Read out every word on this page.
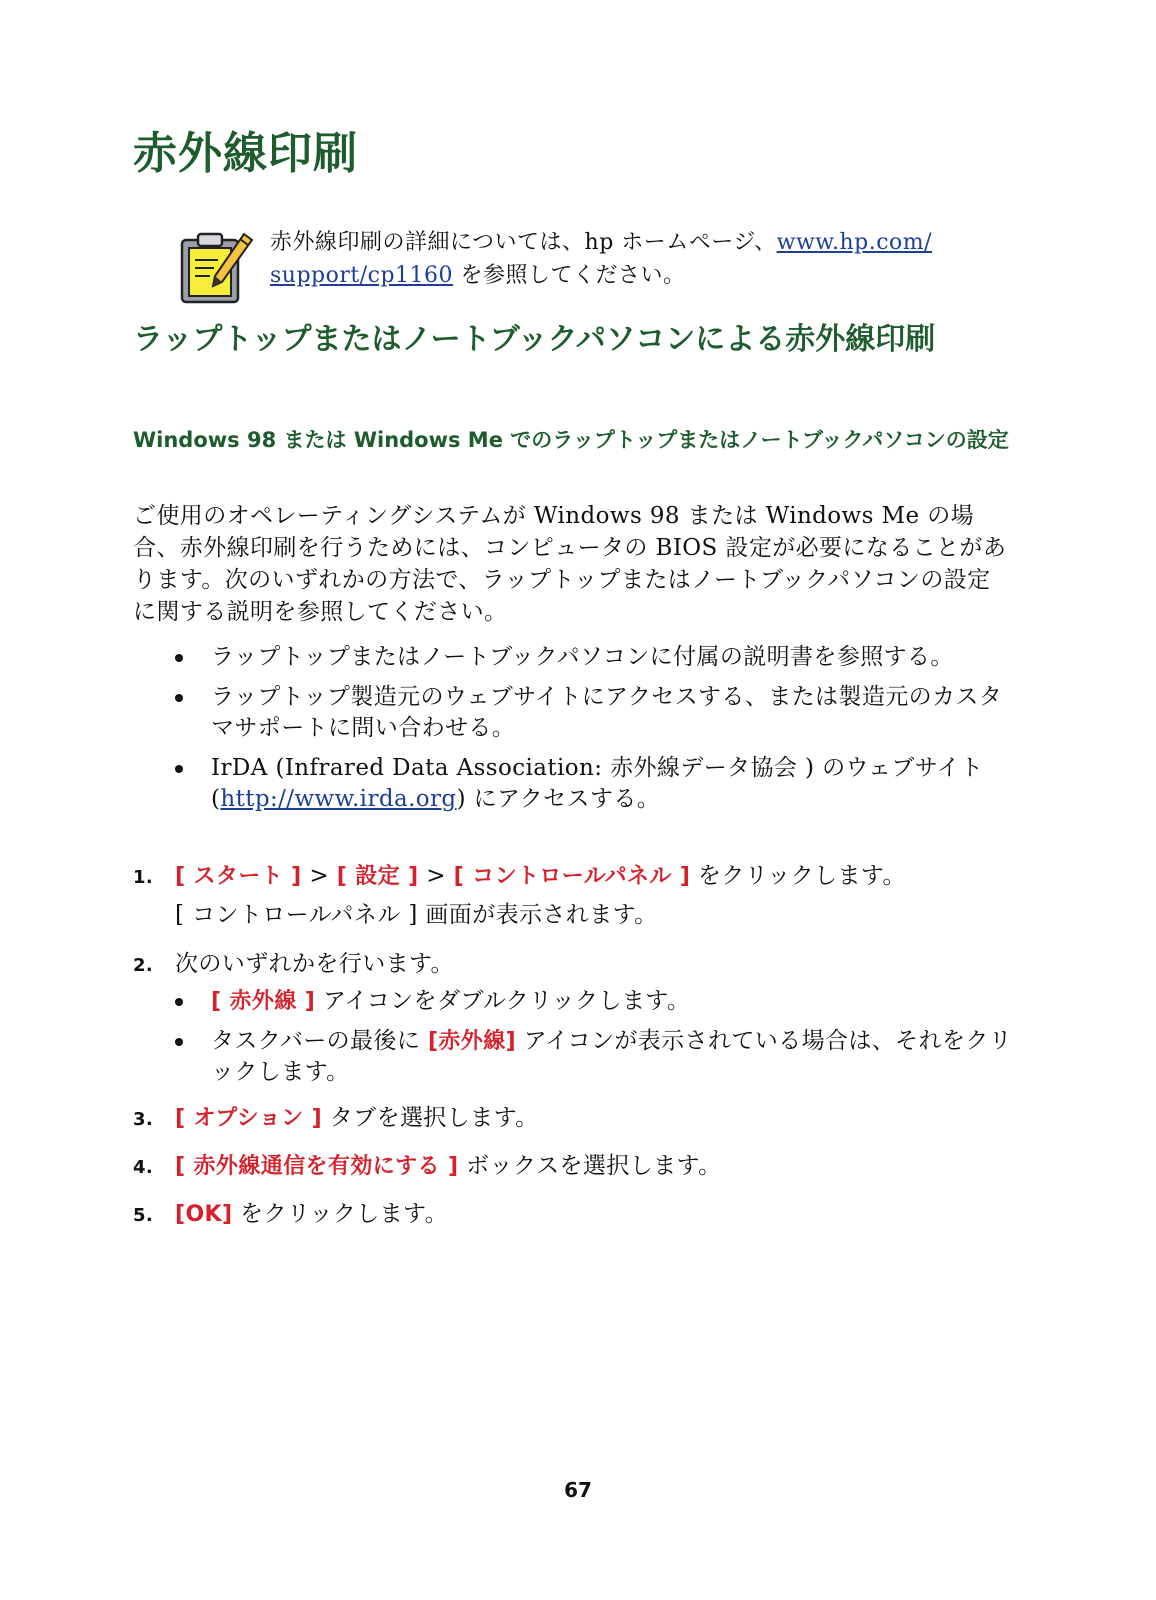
赤外線印刷
赤外線印刷の詳細については、hp ホームページ、www.hp.com/
support/cp1160 を参照してください。
ラップトップまたはノートブックパソコンによる赤外線印刷
Windows 98 または Windows Me でのラップトップまたはノートブックパソコンの設定
ご使用のオペレーティングシステムが Windows 98 または Windows Me の場合、赤外線印刷を行うためには、コンピュータの BIOS 設定が必要になることがあります。次のいずれかの方法で、ラップトップまたはノートブックパソコンの設定に関する説明を参照してください。
ラップトップまたはノートブックパソコンに付属の説明書を参照する。
ラップトップ製造元のウェブサイトにアクセスする、または製造元のカスタマサポートに問い合わせる。
IrDA (Infrared Data Association: 赤外線データ協会 ) のウェブサイト (http://www.irda.org) にアクセスする。
1. [ スタート ] > [ 設定 ] > [ コントロールパネル ] をクリックします。
[ コントロールパネル ] 画面が表示されます。
2. 次のいずれかを行います。
[ 赤外線 ] アイコンをダブルクリックします。
タスクバーの最後に [赤外線] アイコンが表示されている場合は、それをクリックします。
3. [ オプション ] タブを選択します。
4. [ 赤外線通信を有効にする ] ボックスを選択します。
5. [OK] をクリックします。
67
